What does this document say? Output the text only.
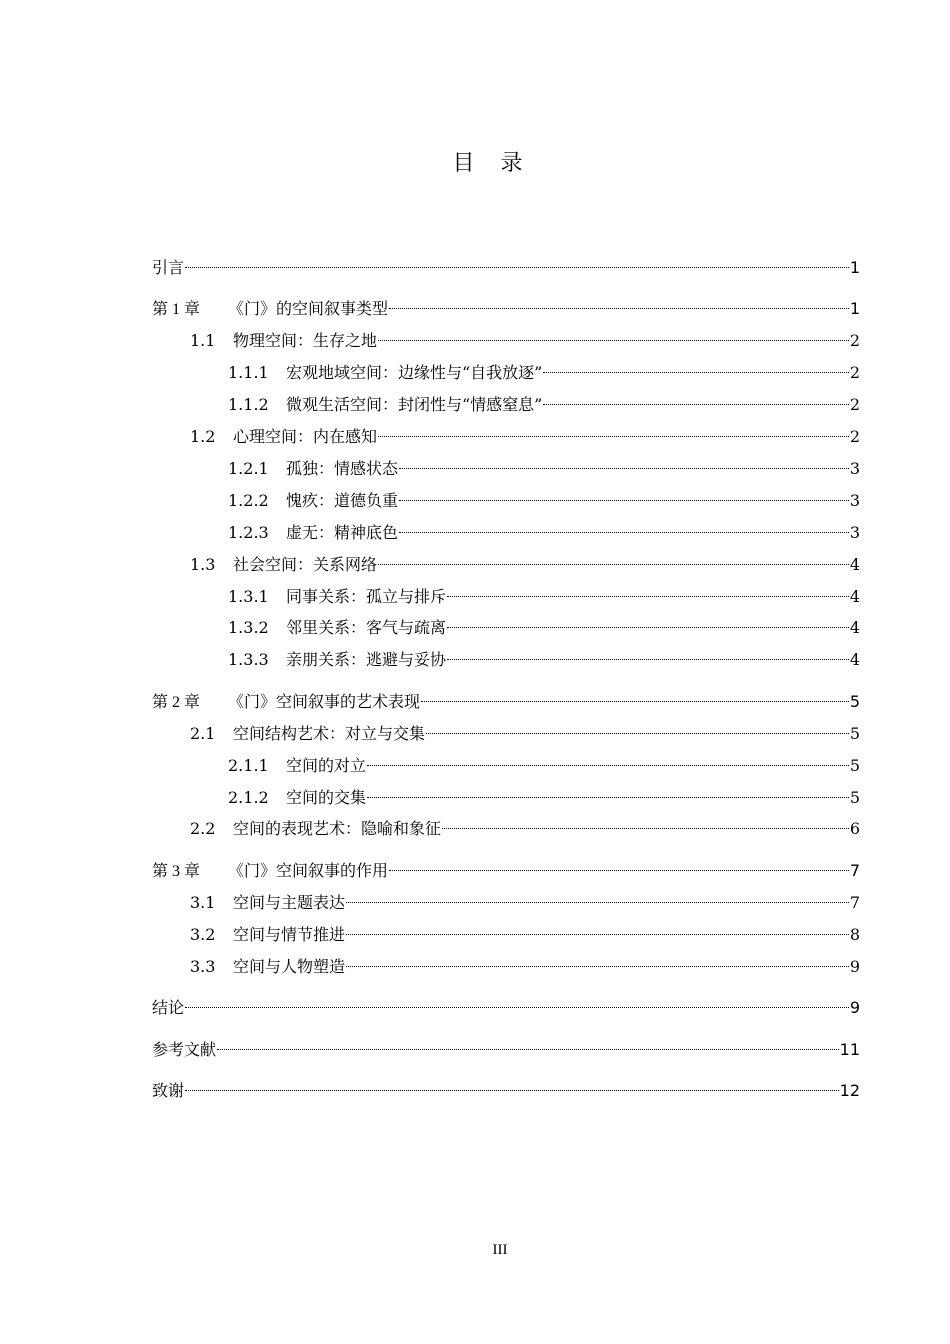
目　录
引言	1
第 1 章	《门》的空间叙事类型	1
1.1	物理空间：生存之地	2
1.1.1	宏观地域空间：边缘性与“自我放逐”	2
1.1.2	微观生活空间：封闭性与“情感窒息”	2
1.2	心理空间：内在感知	2
1.2.1	孤独：情感状态	3
1.2.2	愧疚：道德负重	3
1.2.3	虚无：精神底色	3
1.3	社会空间：关系网络	4
1.3.1	同事关系：孤立与排斥	4
1.3.2	邻里关系：客气与疏离	4
1.3.3	亲朋关系：逃避与妥协	4
第 2 章	《门》空间叙事的艺术表现	5
2.1	空间结构艺术：对立与交集	5
2.1.1	空间的对立	5
2.1.2	空间的交集	5
2.2	空间的表现艺术：隐喻和象征	6
第 3 章	《门》空间叙事的作用	7
3.1	空间与主题表达	7
3.2	空间与情节推进	8
3.3	空间与人物塑造	9
结论	9
参考文献	11
致谢	12
III
